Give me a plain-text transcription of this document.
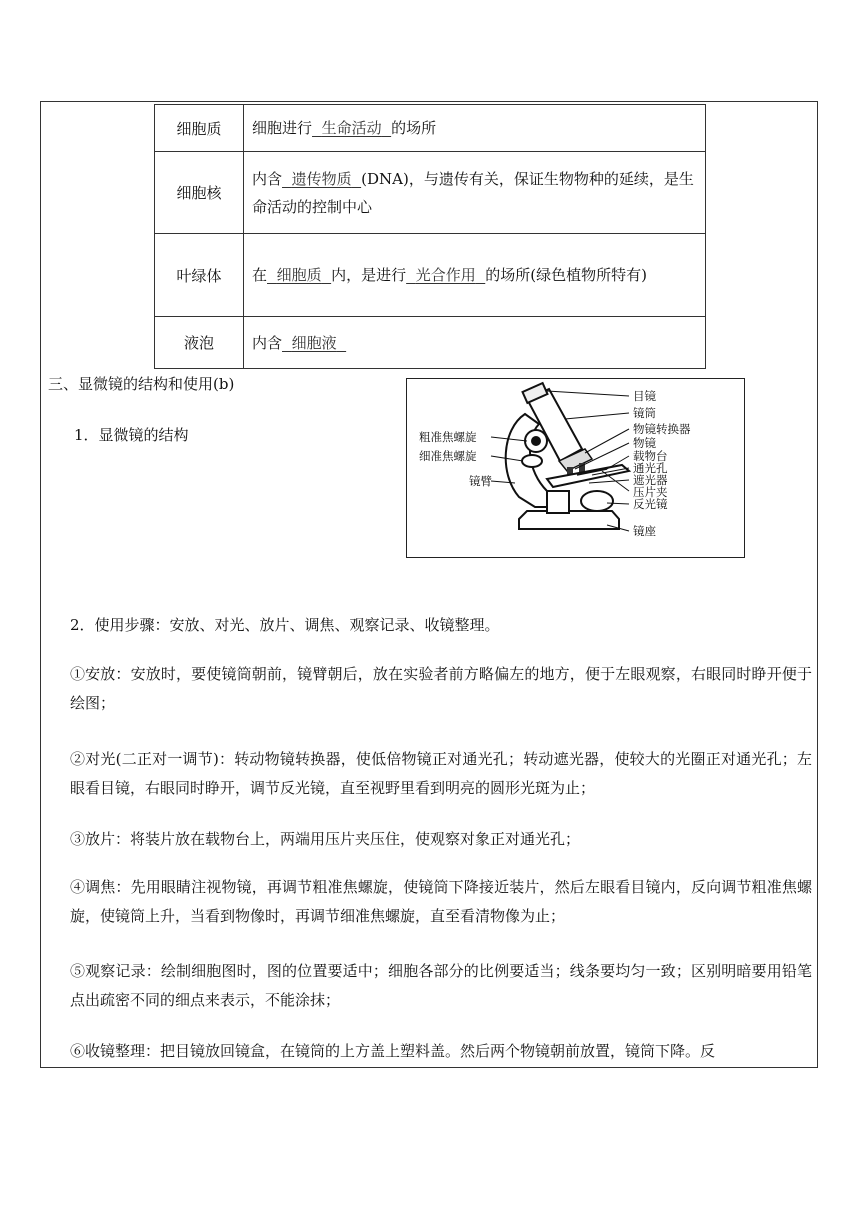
细胞质	细胞进行 生命活动 的场所
细胞核	内含 遗传物质 (DNA)，与遗传有关，保证生物物种的延续，是生命活动的控制中心
叶绿体	在 细胞质 内，是进行 光合作用 的场所(绿色植物所特有)
液泡	内含 细胞液
三、显微镜的结构和使用(b)
1．显微镜的结构
目镜
镜筒
物镜转换器
物镜
载物台
通光孔
遮光器
压片夹
反光镜
镜座
粗准焦螺旋
细准焦螺旋
镜臂

2．使用步骤：安放、对光、放片、调焦、观察记录、收镜整理。

①安放：安放时，要使镜筒朝前，镜臂朝后，放在实验者前方略偏左的地方，便于左眼观察，右眼同时睁开便于绘图；

②对光(二正对一调节)：转动物镜转换器，使低倍物镜正对通光孔；转动遮光器，使较大的光圈正对通光孔；左眼看目镜，右眼同时睁开，调节反光镜，直至视野里看到明亮的圆形光斑为止；

③放片：将装片放在载物台上，两端用压片夹压住，使观察对象正对通光孔；

④调焦：先用眼睛注视物镜，再调节粗准焦螺旋，使镜筒下降接近装片，然后左眼看目镜内，反向调节粗准焦螺旋，使镜筒上升，当看到物像时，再调节细准焦螺旋，直至看清物像为止；

⑤观察记录：绘制细胞图时，图的位置要适中；细胞各部分的比例要适当；线条要均匀一致；区别明暗要用铅笔点出疏密不同的细点来表示，不能涂抹；

⑥收镜整理：把目镜放回镜盒，在镜筒的上方盖上塑料盖。然后两个物镜朝前放置，镜筒下降。反
